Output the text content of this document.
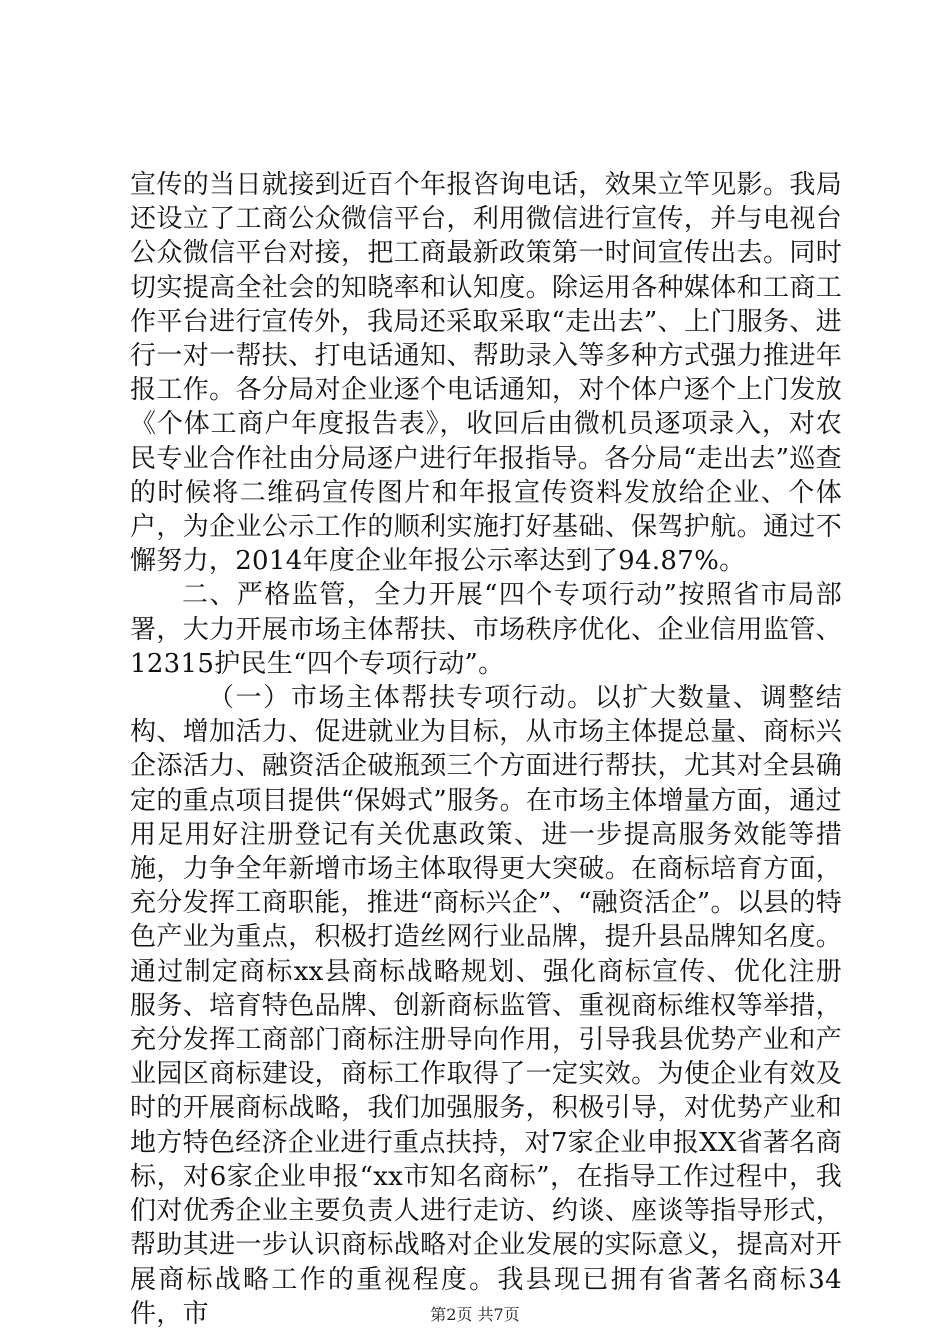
宣传的当日就接到近百个年报咨询电话，效果立竿见影。我局还设立了工商公众微信平台，利用微信进行宣传，并与电视台公众微信平台对接，把工商最新政策第一时间宣传出去。同时切实提高全社会的知晓率和认知度。除运用各种媒体和工商工作平台进行宣传外，我局还采取采取“走出去”、上门服务、进行一对一帮扶、打电话通知、帮助录入等多种方式强力推进年报工作。各分局对企业逐个电话通知，对个体户逐个上门发放《个体工商户年度报告表》，收回后由微机员逐项录入，对农民专业合作社由分局逐户进行年报指导。各分局“走出去”巡查的时候将二维码宣传图片和年报宣传资料发放给企业、个体户，为企业公示工作的顺利实施打好基础、保驾护航。通过不懈努力，2014年度企业年报公示率达到了94.87%。

二、严格监管，全力开展“四个专项行动”按照省市局部署，大力开展市场主体帮扶、市场秩序优化、企业信用监管、12315护民生“四个专项行动”。

（一）市场主体帮扶专项行动。以扩大数量、调整结构、增加活力、促进就业为目标，从市场主体提总量、商标兴企添活力、融资活企破瓶颈三个方面进行帮扶，尤其对全县确定的重点项目提供“保姆式”服务。在市场主体增量方面，通过用足用好注册登记有关优惠政策、进一步提高服务效能等措施，力争全年新增市场主体取得更大突破。在商标培育方面，充分发挥工商职能，推进“商标兴企”、“融资活企”。以县的特色产业为重点，积极打造丝网行业品牌，提升县品牌知名度。通过制定商标xx县商标战略规划、强化商标宣传、优化注册服务、培育特色品牌、创新商标监管、重视商标维权等举措，充分发挥工商部门商标注册导向作用，引导我县优势产业和产业园区商标建设，商标工作取得了一定实效。为使企业有效及时的开展商标战略，我们加强服务，积极引导，对优势产业和地方特色经济企业进行重点扶持，对7家企业申报XX省著名商标，对6家企业申报“xx市知名商标”，在指导工作过程中，我们对优秀企业主要负责人进行走访、约谈、座谈等指导形式，帮助其进一步认识商标战略对企业发展的实际意义，提高对开展商标战略工作的重视程度。我县现已拥有省著名商标34件，市	第2页 共7页
